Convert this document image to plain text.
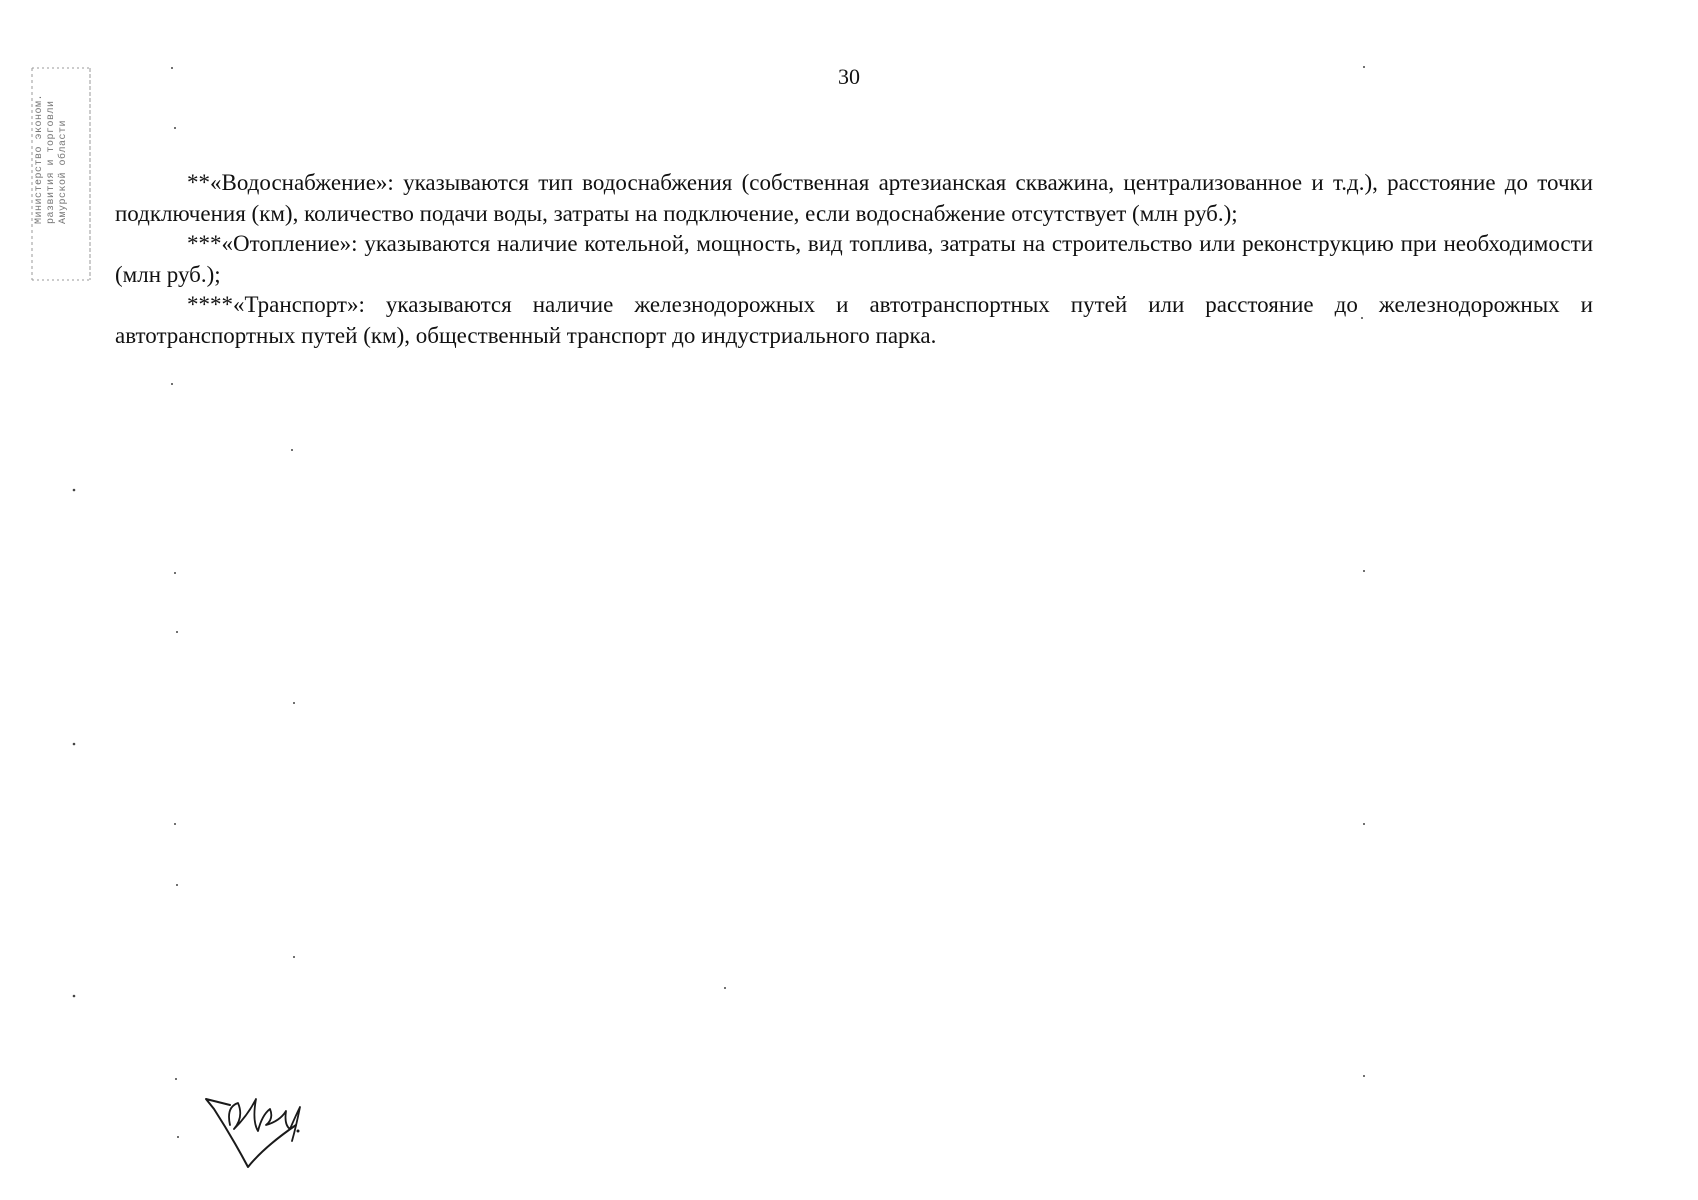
30
Министерство эконом. развития и торговли Амурской области	**«Водоснабжение»: указываются тип водоснабжения (собственная артезианская скважина, централизованное и т.д.), расстояние до точки подключения (км), количество подачи воды, затраты на подключение, если водоснабжение отсутствует (млн руб.);

***«Отопление»: указываются наличие котельной, мощность, вид топлива, затраты на строительство или реконструкцию при необходимости (млн руб.);

****«Транспорт»: указываются наличие железнодорожных и автотранспортных путей или расстояние до железнодорожных и автотранспортных путей (км), общественный транспорт до индустриального парка.
